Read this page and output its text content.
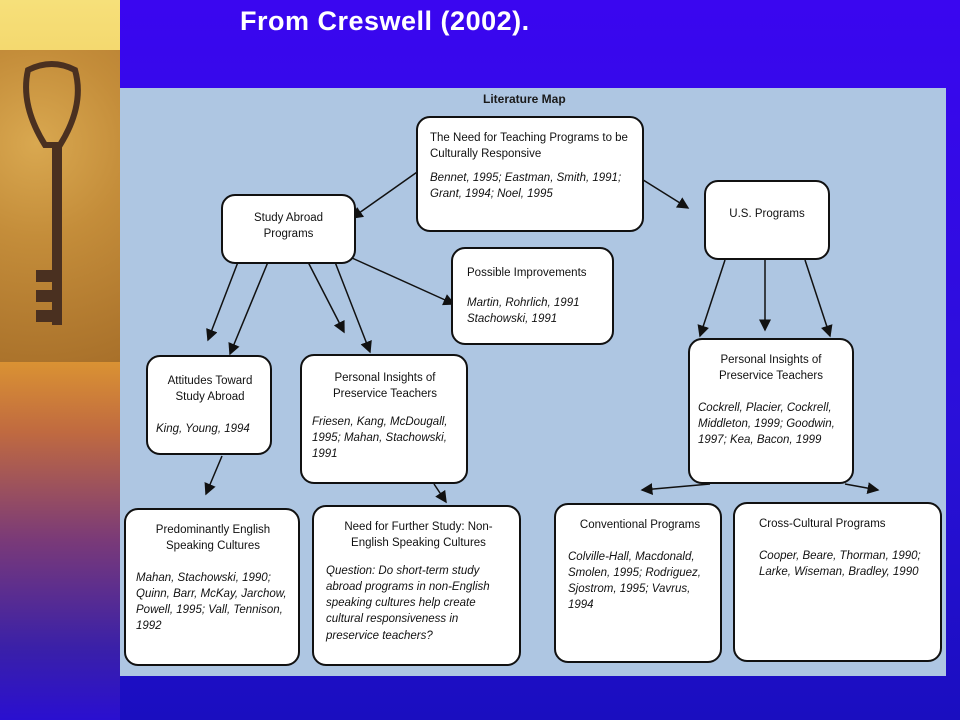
From Creswell (2002).
Literature Map
The Need for Teaching Programs to be Culturally Responsive
Bennet, 1995; Eastman, Smith, 1991; Grant, 1994; Noel, 1995
Study Abroad Programs
U.S. Programs
Possible Improvements
Martin, Rohrlich, 1991 Stachowski, 1991
Attitudes Toward Study Abroad
King, Young, 1994
Personal Insights of Preservice Teachers
Friesen, Kang, McDougall, 1995; Mahan, Stachowski, 1991
Personal Insights of Preservice Teachers
Cockrell, Placier, Cockrell, Middleton, 1999; Goodwin, 1997; Kea, Bacon, 1999
Predominantly English Speaking Cultures
Mahan, Stachowski, 1990; Quinn, Barr, McKay, Jarchow, Powell, 1995; Vall, Tennison, 1992
Need for Further Study: Non-English Speaking Cultures
Question: Do short-term study abroad programs in non-English speaking cultures help create cultural responsiveness in preservice teachers?
Conventional Programs
Colville-Hall, Macdonald, Smolen, 1995; Rodriguez, Sjostrom, 1995; Vavrus, 1994
Cross-Cultural Programs
Cooper, Beare, Thorman, 1990; Larke, Wiseman, Bradley, 1990
